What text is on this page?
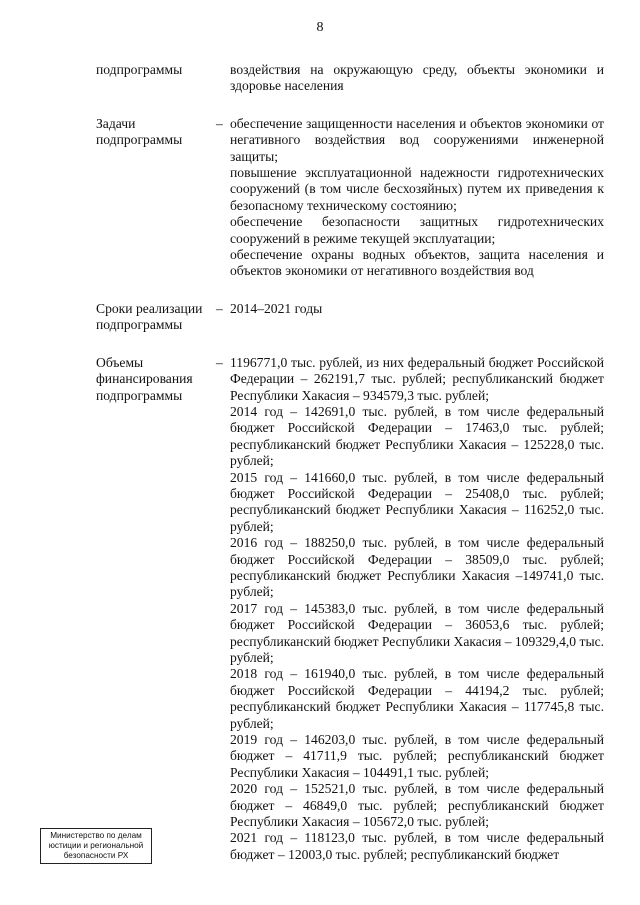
8
подпрограммы	воздействия на окружающую среду, объекты экономики и здоровье населения

Задачи подпрограммы
– обеспечение защищенности населения и объектов экономики от негативного воздействия вод сооружениями инженерной защиты;

повышение эксплуатационной надежности гидротехнических сооружений (в том числе бесхозяйных) путем их приведения к безопасному техническому состоянию;

обеспечение безопасности защитных гидротехнических сооружений в режиме текущей эксплуатации;

обеспечение охраны водных объектов, защита населения и объектов экономики от негативного воздействия вод

Сроки реализации подпрограммы
– 2014–2021 годы

Объемы финансирования подпрограммы
– 1196771,0 тыс. рублей, из них федеральный бюджет Российской Федерации – 262191,7 тыс. рублей; республиканский бюджет Республики Хакасия – 934579,3 тыс. рублей;

2014 год – 142691,0 тыс. рублей, в том числе федеральный бюджет Российской Федерации – 17463,0 тыс. рублей; республиканский бюджет Республики Хакасия – 125228,0 тыс. рублей;

2015 год – 141660,0 тыс. рублей, в том числе федеральный бюджет Российской Федерации – 25408,0 тыс. рублей; республиканский бюджет Республики Хакасия – 116252,0 тыс. рублей;

2016 год – 188250,0 тыс. рублей, в том числе федеральный бюджет Российской Федерации – 38509,0 тыс. рублей; республиканский бюджет Республики Хакасия –149741,0 тыс. рублей;

2017 год – 145383,0 тыс. рублей, в том числе федеральный бюджет Российской Федерации – 36053,6 тыс. рублей; республиканский бюджет Республики Хакасия – 109329,4,0 тыс. рублей;

2018 год – 161940,0 тыс. рублей, в том числе федеральный бюджет Российской Федерации – 44194,2 тыс. рублей; республиканский бюджет Республики Хакасия – 117745,8 тыс. рублей;

2019 год – 146203,0 тыс. рублей, в том числе федеральный бюджет – 41711,9 тыс. рублей; республиканский бюджет Республики Хакасия – 104491,1 тыс. рублей;

2020 год – 152521,0 тыс. рублей, в том числе федеральный бюджет – 46849,0 тыс. рублей; республиканский бюджет Республики Хакасия – 105672,0 тыс. рублей;

2021 год – 118123,0 тыс. рублей, в том числе федеральный бюджет – 12003,0 тыс. рублей; республиканский бюджет

Министерство по делам
юстиции и региональной
безопасности РХ
